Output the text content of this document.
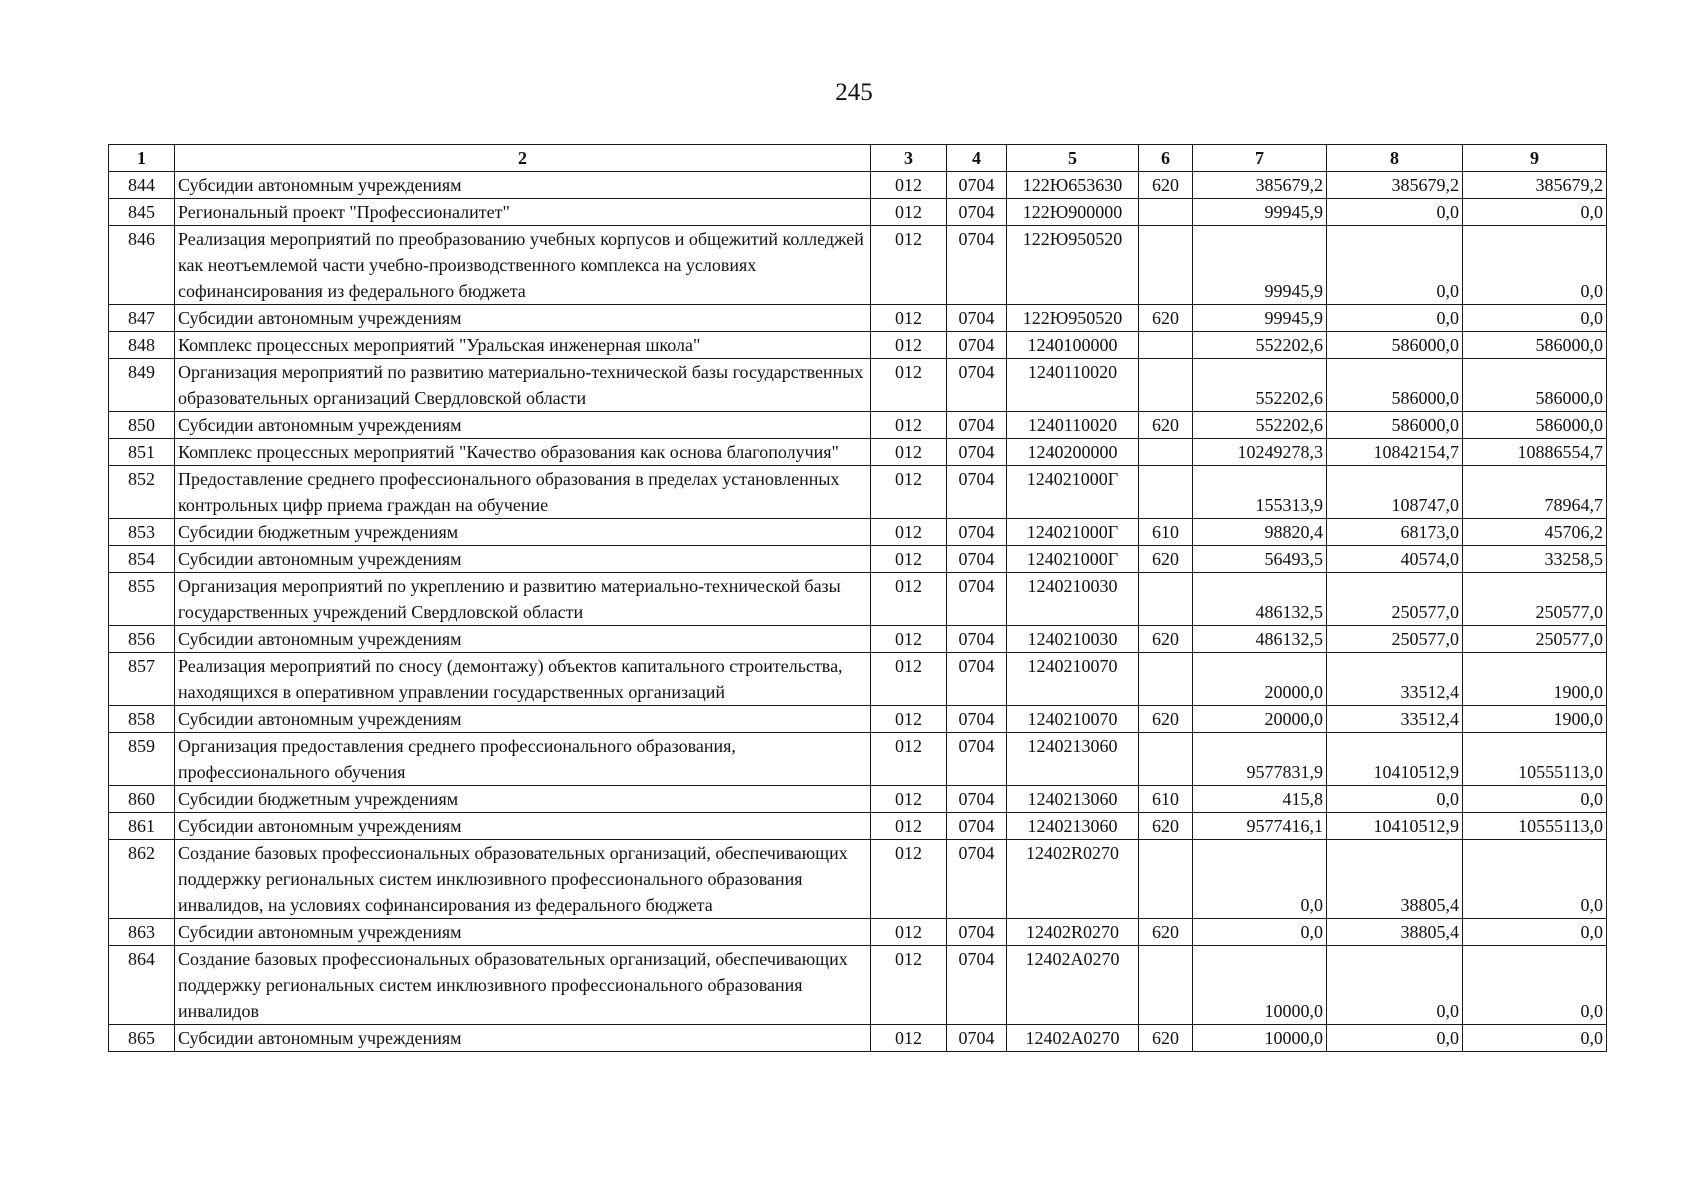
245
1	2	3	4	5	6	7	8	9
844	Субсидии автономным учреждениям	012	0704	122Ю653630	620	385679,2	385679,2	385679,2
845	Региональный проект "Профессионалитет"	012	0704	122Ю900000		99945,9	0,0	0,0
846	Реализация мероприятий по преобразованию учебных корпусов и общежитий колледжей как неотъемлемой части учебно-производственного комплекса на условиях софинансирования из федерального бюджета	012	0704	122Ю950520		99945,9	0,0	0,0
847	Субсидии автономным учреждениям	012	0704	122Ю950520	620	99945,9	0,0	0,0
848	Комплекс процессных мероприятий "Уральская инженерная школа"	012	0704	1240100000		552202,6	586000,0	586000,0
849	Организация мероприятий по развитию материально-технической базы государственных образовательных организаций Свердловской области	012	0704	1240110020		552202,6	586000,0	586000,0
850	Субсидии автономным учреждениям	012	0704	1240110020	620	552202,6	586000,0	586000,0
851	Комплекс процессных мероприятий "Качество образования как основа благополучия"	012	0704	1240200000		10249278,3	10842154,7	10886554,7
852	Предоставление среднего профессионального образования в пределах установленных контрольных цифр приема граждан на обучение	012	0704	124021000Г		155313,9	108747,0	78964,7
853	Субсидии бюджетным учреждениям	012	0704	124021000Г	610	98820,4	68173,0	45706,2
854	Субсидии автономным учреждениям	012	0704	124021000Г	620	56493,5	40574,0	33258,5
855	Организация мероприятий по укреплению и развитию материально-технической базы государственных учреждений Свердловской области	012	0704	1240210030		486132,5	250577,0	250577,0
856	Субсидии автономным учреждениям	012	0704	1240210030	620	486132,5	250577,0	250577,0
857	Реализация мероприятий по сносу (демонтажу) объектов капитального строительства, находящихся в оперативном управлении государственных организаций	012	0704	1240210070		20000,0	33512,4	1900,0
858	Субсидии автономным учреждениям	012	0704	1240210070	620	20000,0	33512,4	1900,0
859	Организация предоставления среднего профессионального образования, профессионального обучения	012	0704	1240213060		9577831,9	10410512,9	10555113,0
860	Субсидии бюджетным учреждениям	012	0704	1240213060	610	415,8	0,0	0,0
861	Субсидии автономным учреждениям	012	0704	1240213060	620	9577416,1	10410512,9	10555113,0
862	Создание базовых профессиональных образовательных организаций, обеспечивающих поддержку региональных систем инклюзивного профессионального образования инвалидов, на условиях софинансирования из федерального бюджета	012	0704	12402R0270		0,0	38805,4	0,0
863	Субсидии автономным учреждениям	012	0704	12402R0270	620	0,0	38805,4	0,0
864	Создание базовых профессиональных образовательных организаций, обеспечивающих поддержку региональных систем инклюзивного профессионального образования инвалидов	012	0704	12402A0270		10000,0	0,0	0,0
865	Субсидии автономным учреждениям	012	0704	12402A0270	620	10000,0	0,0	0,0
